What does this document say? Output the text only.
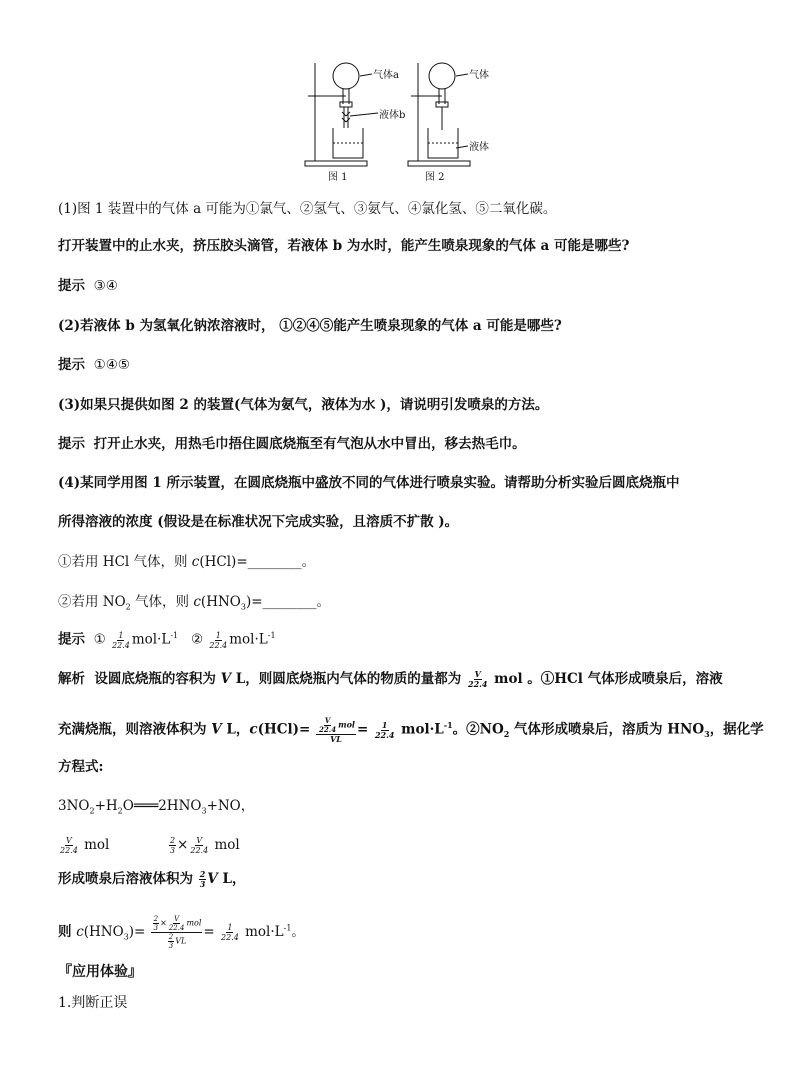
气体a
液体b
图 1
气体
液体
图 2
(1)图 1 装置中的气体 a 可能为①氯气、②氢气、③氨气、④氯化氢、⑤二氧化碳。
打开装置中的止水夹，挤压胶头滴管，若液体 b 为水时，能产生喷泉现象的气体 a 可能是哪些?
提示 ③④
(2)若液体 b 为氢氧化钠浓溶液时， ①②④⑤能产生喷泉现象的气体 a 可能是哪些?
提示 ①④⑤
(3)如果只提供如图 2 的装置(气体为氨气，液体为水 )，请说明引发喷泉的方法。
提示 打开止水夹，用热毛巾捂住圆底烧瓶至有气泡从水中冒出，移去热毛巾。
(4)某同学用图 1 所示装置，在圆底烧瓶中盛放不同的气体进行喷泉实验。请帮助分析实验后圆底烧瓶中
所得溶液的浓度 (假设是在标准状况下完成实验，且溶质不扩散 )。
①若用 HCl 气体，则 c(HCl)=________。
②若用 $NO_2$ 气体，则 $c(HNO_3)=\_\_\_\_\_\_\_\_$。
提示 ① $\frac{1}{22.4} mol\cdot L^{-1}$ ② $\frac{1}{22.4} mol\cdot L^{-1}$
解析 设圆底烧瓶的容积为 V L，则圆底烧瓶内气体的物质的量都为 $\frac{V}{22.4}$ mol 。①HCl 气体形成喷泉后，溶液
充满烧瓶，则溶液体积为 V L，$c(HCl)= \frac{\frac{V}{22.4} mol}{VL} = \frac{1}{22.4} mol\cdot L^{-1}$。$②NO_2$ 气体形成喷泉后，溶质为 $HNO_3$，据化学
方程式:
$3NO_2+H_2O═══2HNO_3+NO$，
$\frac{V}{22.4}$ mol	$\frac{2}{3} \times \frac{V}{22.4}$ mol
形成喷泉后溶液体积为 $\frac{2}{3}$ V L，
则 $c(HNO_3)= \frac{\frac{2}{3} \times \frac{V}{22.4} mol}{\frac{2}{3} VL} = \frac{1}{22.4} mol\cdot L^{-1}$。
『应用体验』
1.判断正误
